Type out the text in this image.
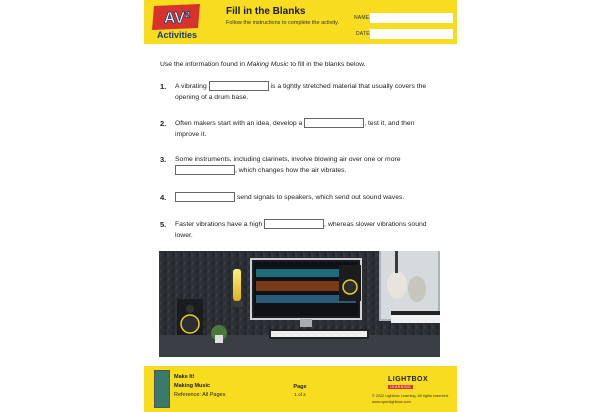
AV²
Activities
Fill in the Blanks
Follow the instructions to complete the activity.
NAME
DATE
Use the information found in Making Music to fill in the blanks below.
1. A vibrating	is a tightly stretched material that usually covers the opening of a drum base.
2. Often makers start with an idea, develop a	, test it, and then improve it.
3. Some instruments, including clarinets, involve blowing air over one or more , which changes how the air vibrates.
4.	send signals to speakers, which send out sound waves.
5. Faster vibrations have a high	, whereas slower vibrations sound lower.
Make It!
Making Music
Reference: All Pages
Page
1 of 2
LIGHTBOX
LEARNING
© 2022 Lightbox Learning. All rights reserved.
www.openlightbox.com
